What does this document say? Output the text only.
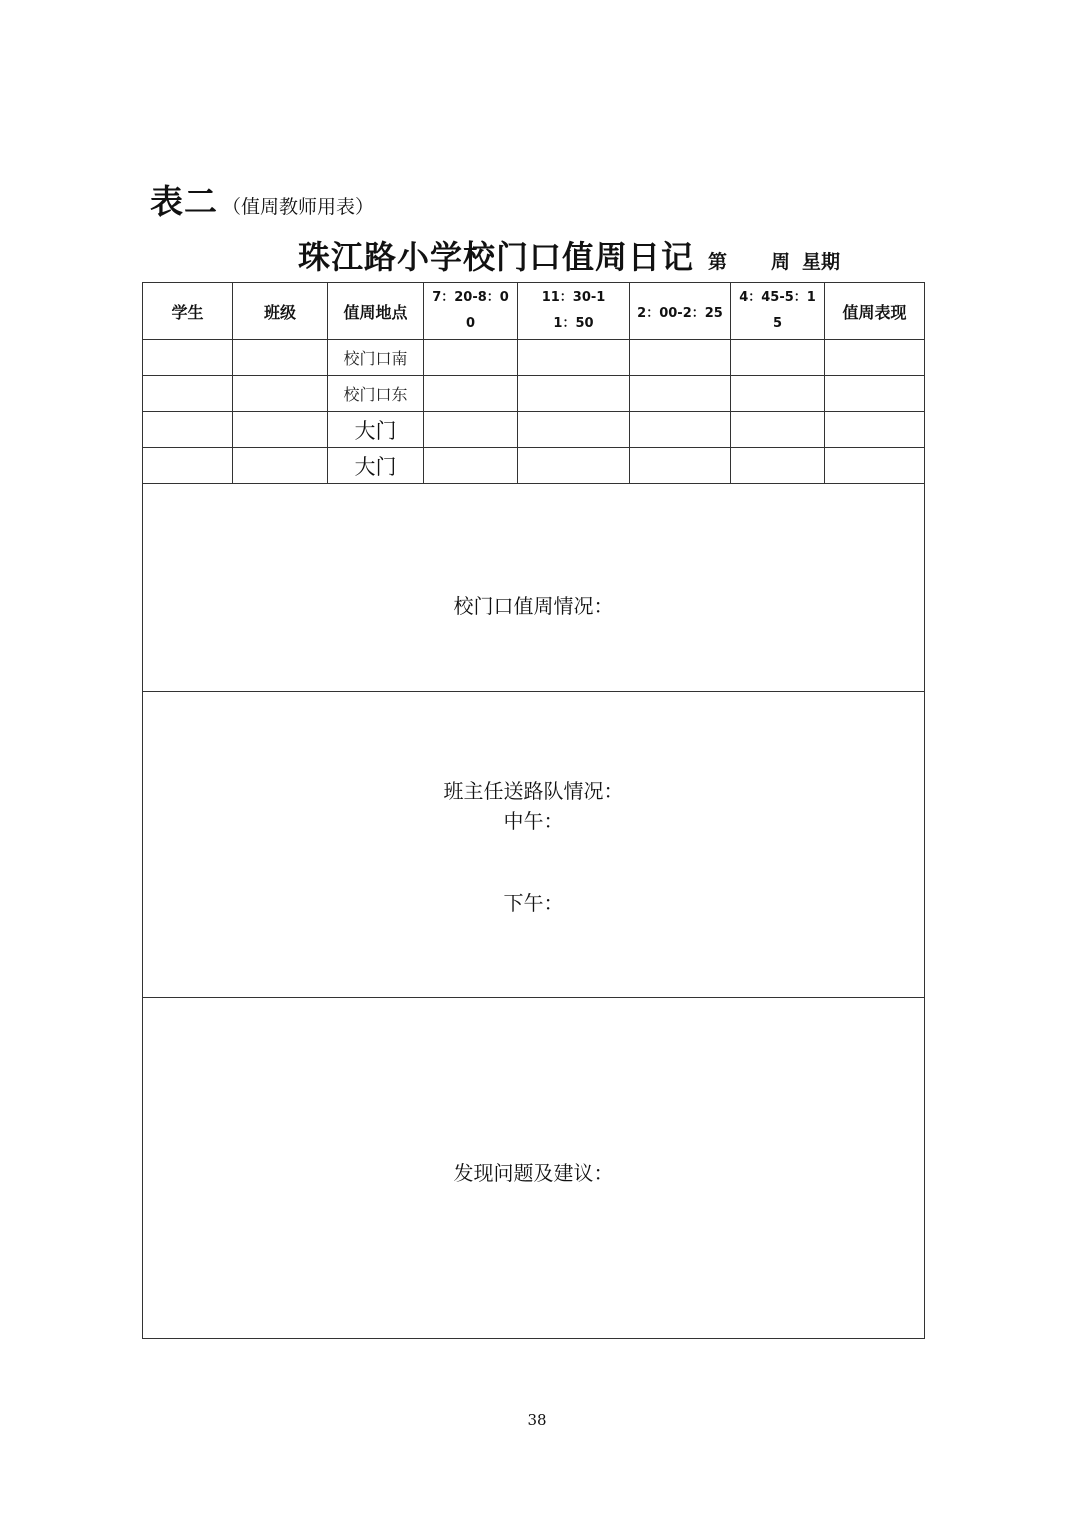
表二 （值周教师用表）
珠江路小学校门口值周日记 第 周 星期
学生	班级	值周地点	7：20-8：00	11：30-11：50	2：00-2：25	4：45-5：15	值周表现
		校门口南					
		校门口东					
		大门					
		大门					

校门口值周情况：							

班主任送路队情况：
中午：
下午：							

发现问题及建议：							
38
